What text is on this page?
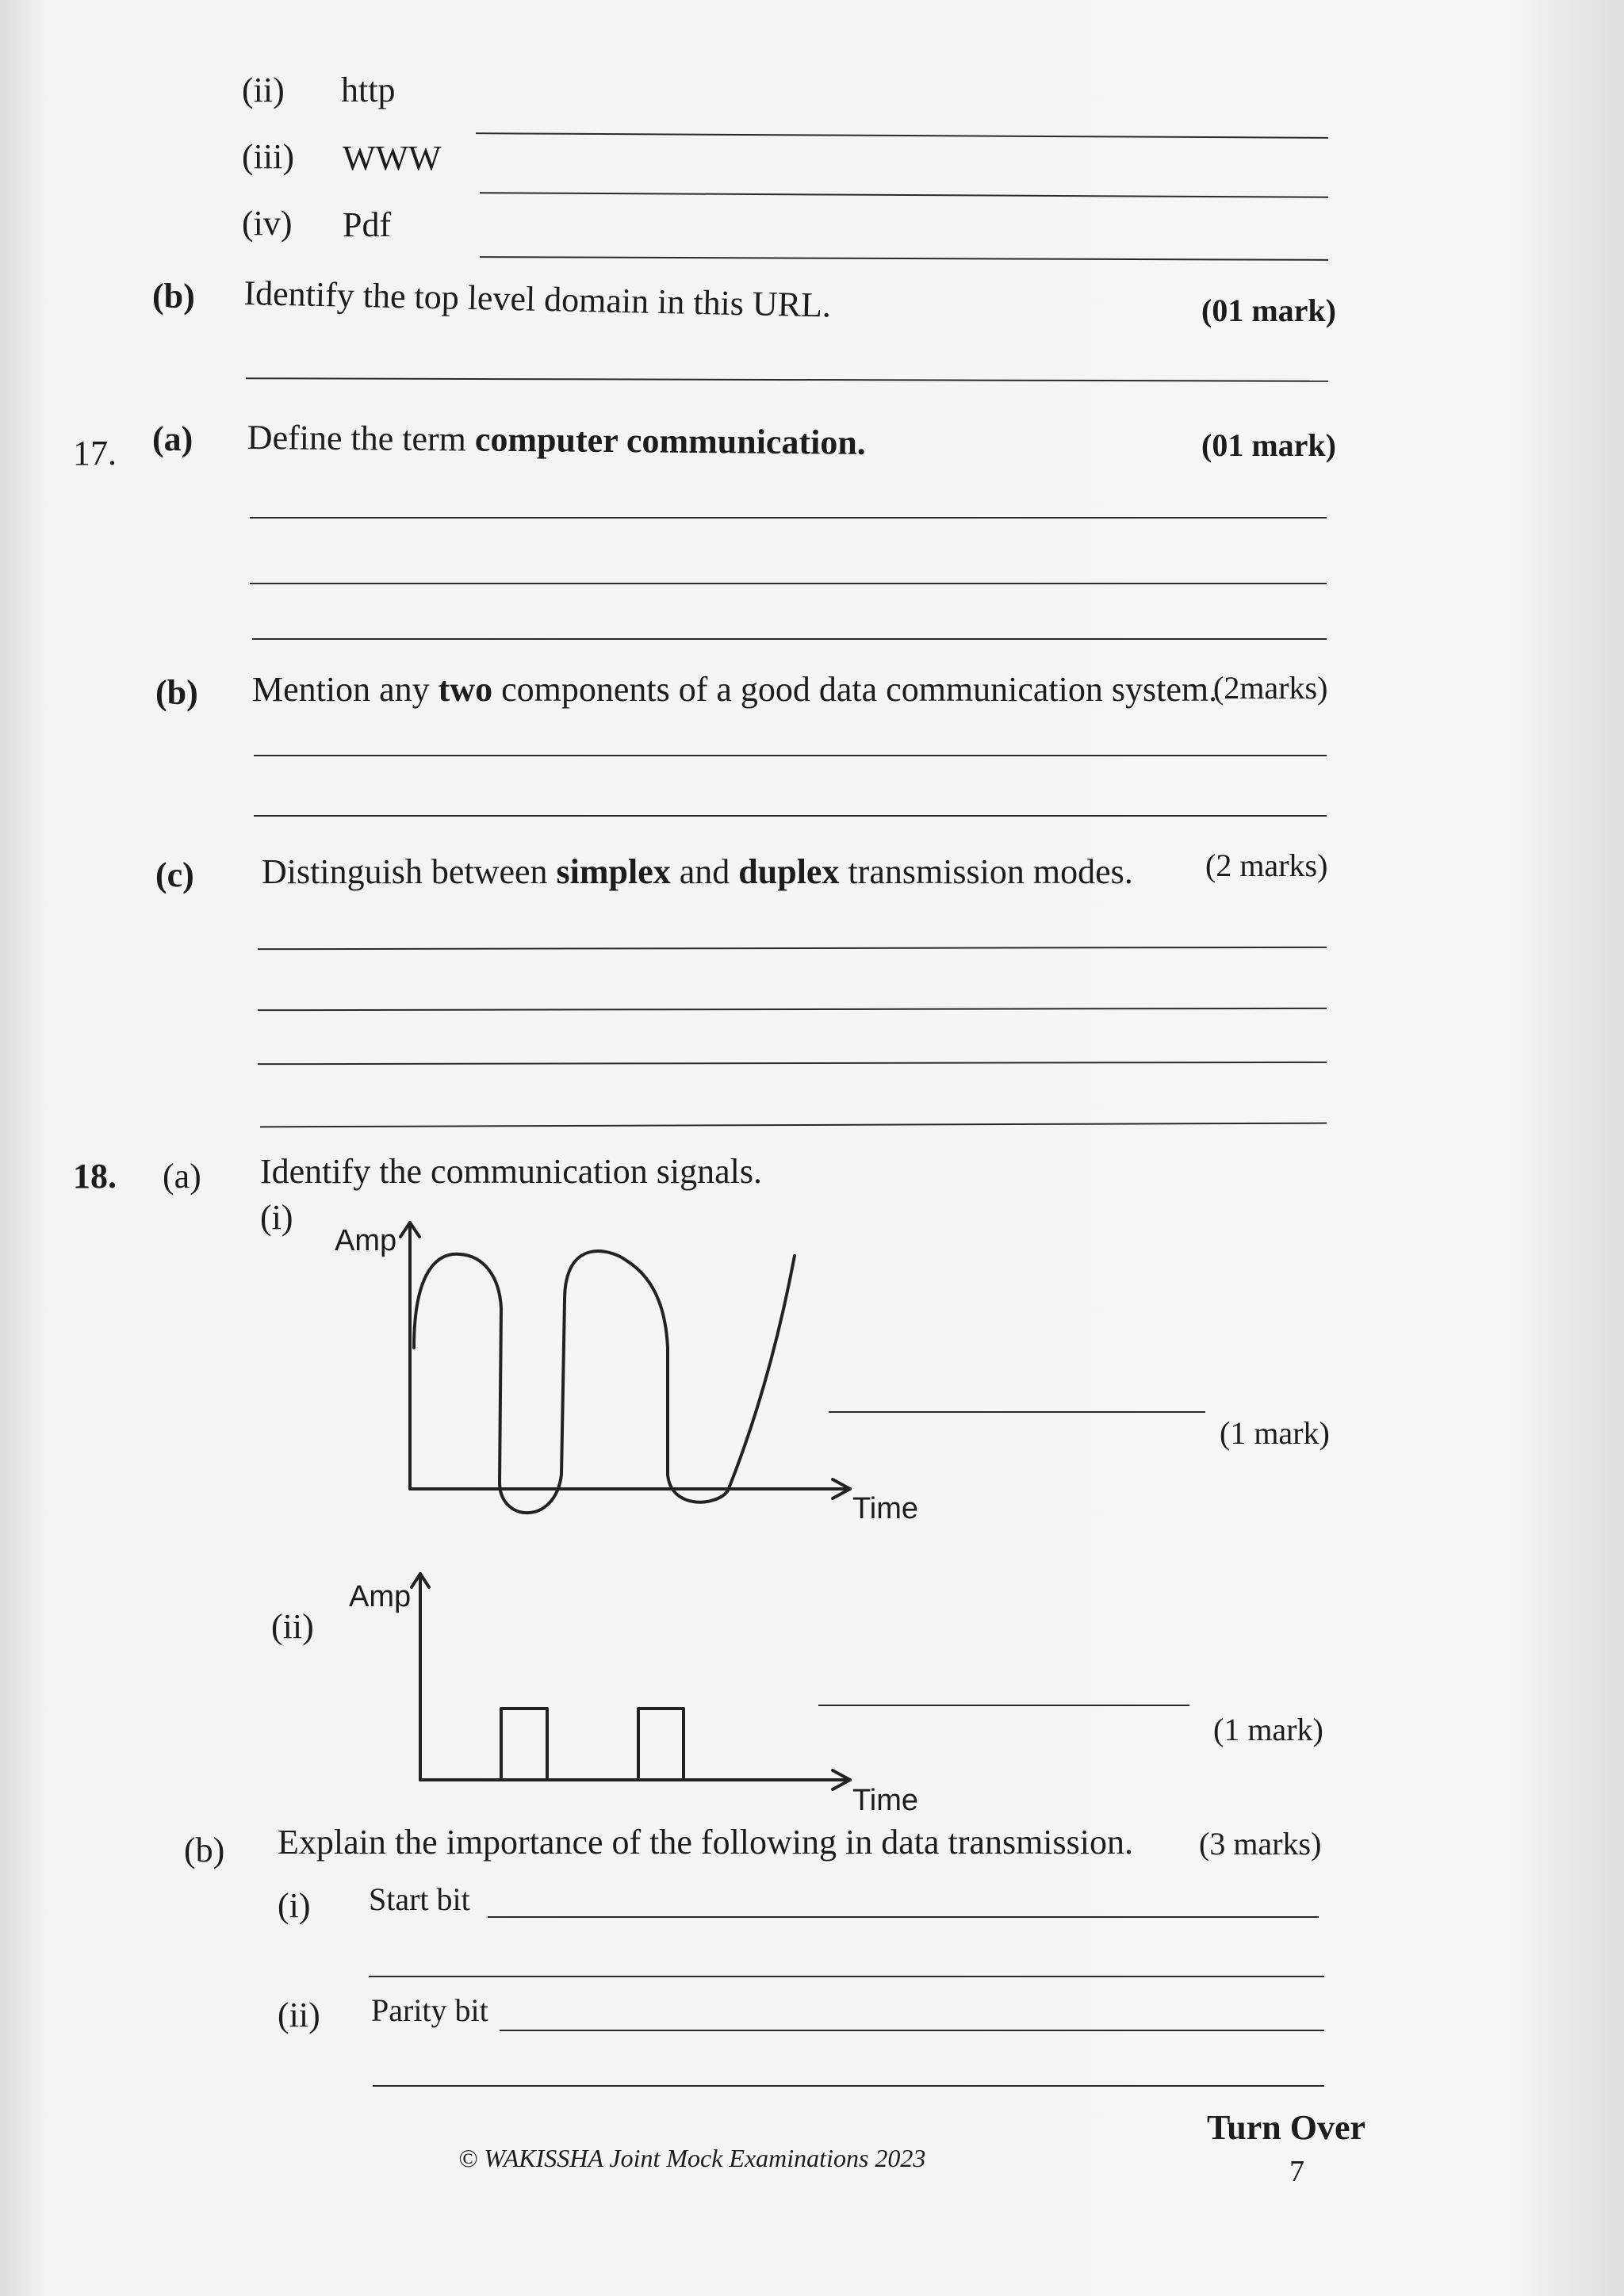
(ii) http
(iii) WWW
(iv) Pdf
(b) Identify the top level domain in this URL.	(01 mark)
17. (a) Define the term computer communication.	(01 mark)
(b) Mention any two components of a good data communication system.
(2marks)
(c) Distinguish between simplex and duplex transmission modes. (2 marks)
18. (a) Identify the communication signals.
(i)
Amp
Time
(1 mark)
(ii)
Amp
Time
(1 mark)
(b) Explain the importance of the following in data transmission. (3 marks)
(i) Start bit
(ii) Parity bit
© WAKISSHA Joint Mock Examinations 2023
Turn Over
7
